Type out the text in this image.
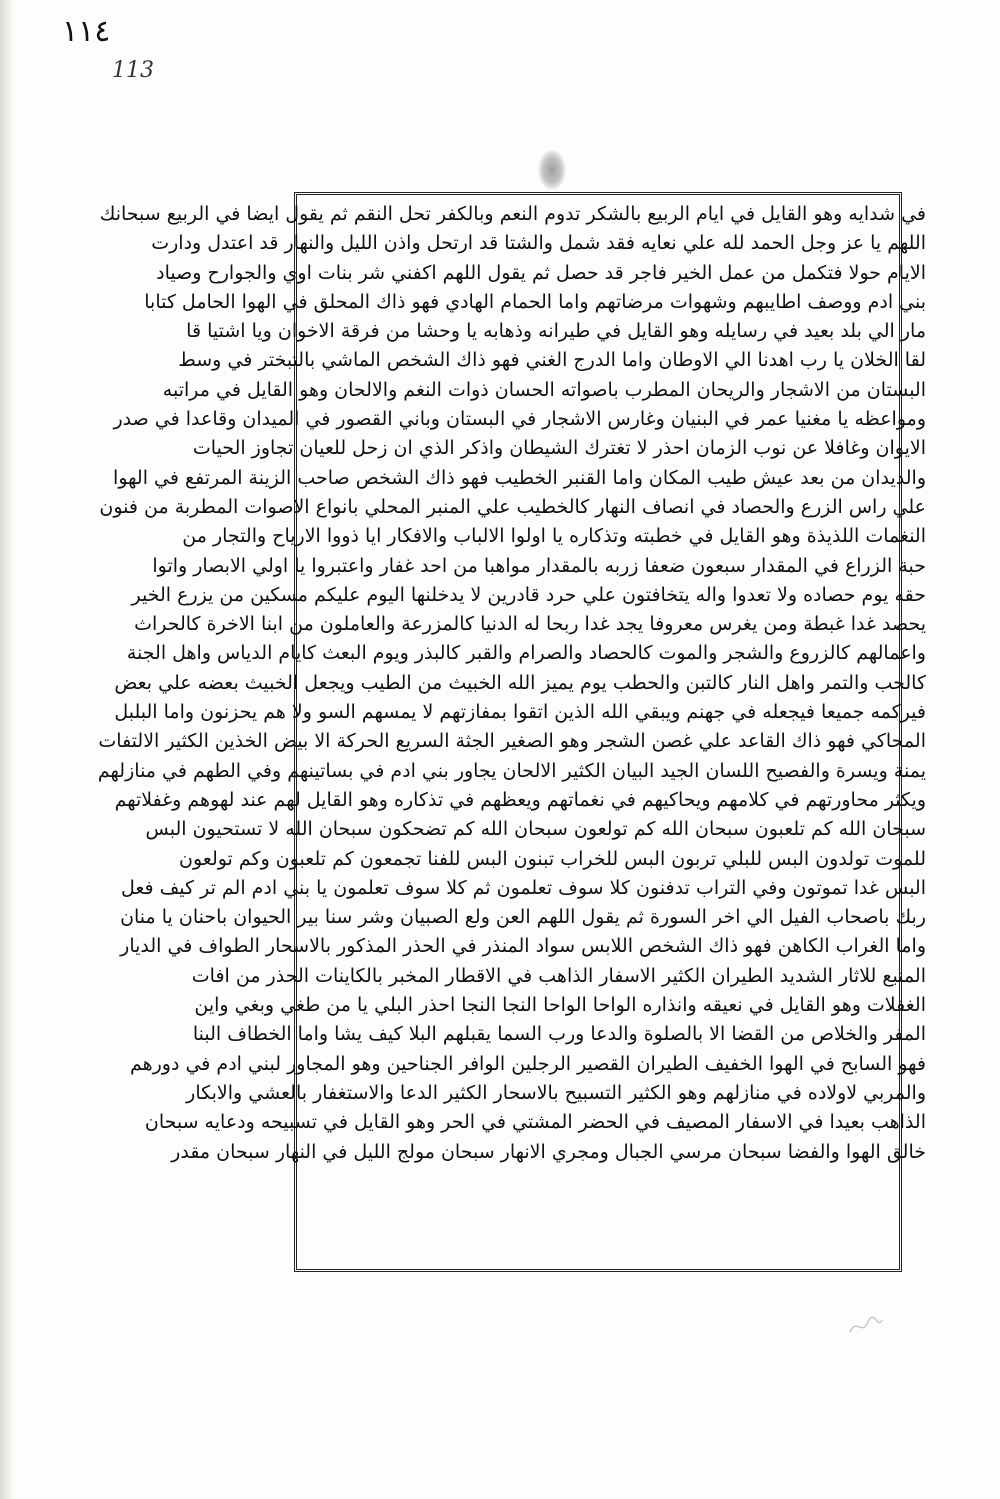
١١٤
113
في شدايه وهو القايل في ايام الربيع بالشكر تدوم النعم وبالكفر تحل النقم ثم يقول ايضا في الربيع سبحانك
اللهم يا عز وجل الحمد لله علي نعايه فقد شمل والشتا قد ارتحل واذن الليل والنهار قد اعتدل ودارت
الايام حولا فتكمل من عمل الخير فاجر قد حصل ثم يقول اللهم اكفني شر بنات اوي والجوارح وصياد
بني ادم ووصف اطايبهم وشهوات مرضاتهم واما الحمام الهادي فهو ذاك المحلق في الهوا الحامل كتابا
مار الي بلد بعيد في رسايله وهو القايل في طيرانه وذهابه يا وحشا من فرقة الاخوان ويا اشتيا قا
لقا الخلان يا رب اهدنا الي الاوطان واما الدرج الغني فهو ذاك الشخص الماشي بالتبختر في وسط
البستان من الاشجار والريحان المطرب باصواته الحسان ذوات النغم والالحان وهو القايل في مراتبه
ومواعظه يا مغنيا عمر في البنيان وغارس الاشجار في البستان وباني القصور في الميدان وقاعدا في صدر
الايوان وغافلا عن نوب الزمان احذر لا تغترك الشيطان واذكر الذي ان زحل للعيان تجاوز الحيات
والديدان من بعد عيش طيب المكان واما القنبر الخطيب فهو ذاك الشخص صاحب الزينة المرتفع في الهوا
علي راس الزرع والحصاد في انصاف النهار كالخطيب علي المنبر المحلي بانواع الاصوات المطربة من فنون
النغمات اللذيذة وهو القايل في خطبته وتذكاره يا اولوا الالباب والافكار ايا ذووا الارياح والتجار من
حبة الزراع في المقدار سبعون ضعفا زربه بالمقدار مواهبا من احد غفار واعتبروا يا اولي الابصار واتوا
حقه يوم حصاده ولا تعدوا واله يتخافتون علي حرد قادرين لا يدخلنها اليوم عليكم مسكين من يزرع الخير
يحصد غدا غبطة ومن يغرس معروفا يجد غدا ربحا له الدنيا كالمزرعة والعاملون من ابنا الاخرة كالحراث
واعمالهم كالزروع والشجر والموت كالحصاد والصرام والقبر كالبذر ويوم البعث كايام الدياس واهل الجنة
كالحب والتمر واهل النار كالتبن والحطب يوم يميز الله الخبيث من الطيب ويجعل الخبيث بعضه علي بعض
فيركمه جميعا فيجعله في جهنم ويبقي الله الذين اتقوا بمفازتهم لا يمسهم السو ولا هم يحزنون واما البلبل
المحاكي فهو ذاك القاعد علي غصن الشجر وهو الصغير الجثة السريع الحركة الا بيض الخذين الكثير الالتفات
يمنة ويسرة والفصيح اللسان الجيد البيان الكثير الالحان يجاور بني ادم في بساتينهم وفي الطهم في منازلهم
ويكثر محاورتهم في كلامهم ويحاكيهم في نغماتهم ويعظهم في تذكاره وهو القايل لهم عند لهوهم وغفلاتهم
سبحان الله كم تلعبون سبحان الله كم تولعون سبحان الله كم تضحكون سبحان الله لا تستحيون البس
للموت تولدون البس للبلي تربون البس للخراب تبنون البس للفنا تجمعون كم تلعبون وكم تولعون
البس غدا تموتون وفي التراب تدفنون كلا سوف تعلمون ثم كلا سوف تعلمون يا بني ادم الم تر كيف فعل
ربك باصحاب الفيل الي اخر السورة ثم يقول اللهم العن ولع الصبيان وشر سنا بير الحيوان باحنان يا منان
واما الغراب الكاهن فهو ذاك الشخص اللابس سواد المنذر في الحذر المذكور بالاسحار الطواف في الديار
المنبع للاثار الشديد الطيران الكثير الاسفار الذاهب في الاقطار المخبر بالكاينات الحذر من افات
الغفلات وهو القايل في نعيقه وانذاره الواحا الواحا النجا النجا احذر البلي يا من طغي وبغي واين
المفر والخلاص من القضا الا بالصلوة والدعا ورب السما يقبلهم البلا كيف يشا واما الخطاف البنا
فهو السابح في الهوا الخفيف الطيران القصير الرجلين الوافر الجناحين وهو المجاور لبني ادم في دورهم
والمربي لاولاده في منازلهم وهو الكثير التسبيح بالاسحار الكثير الدعا والاستغفار بالعشي والابكار
الذاهب بعيدا في الاسفار المصيف في الحضر المشتي في الحر وهو القايل في تسبيحه ودعايه سبحان
خالق الهوا والفضا سبحان مرسي الجبال ومجري الانهار سبحان مولج الليل في النهار سبحان مقدر
